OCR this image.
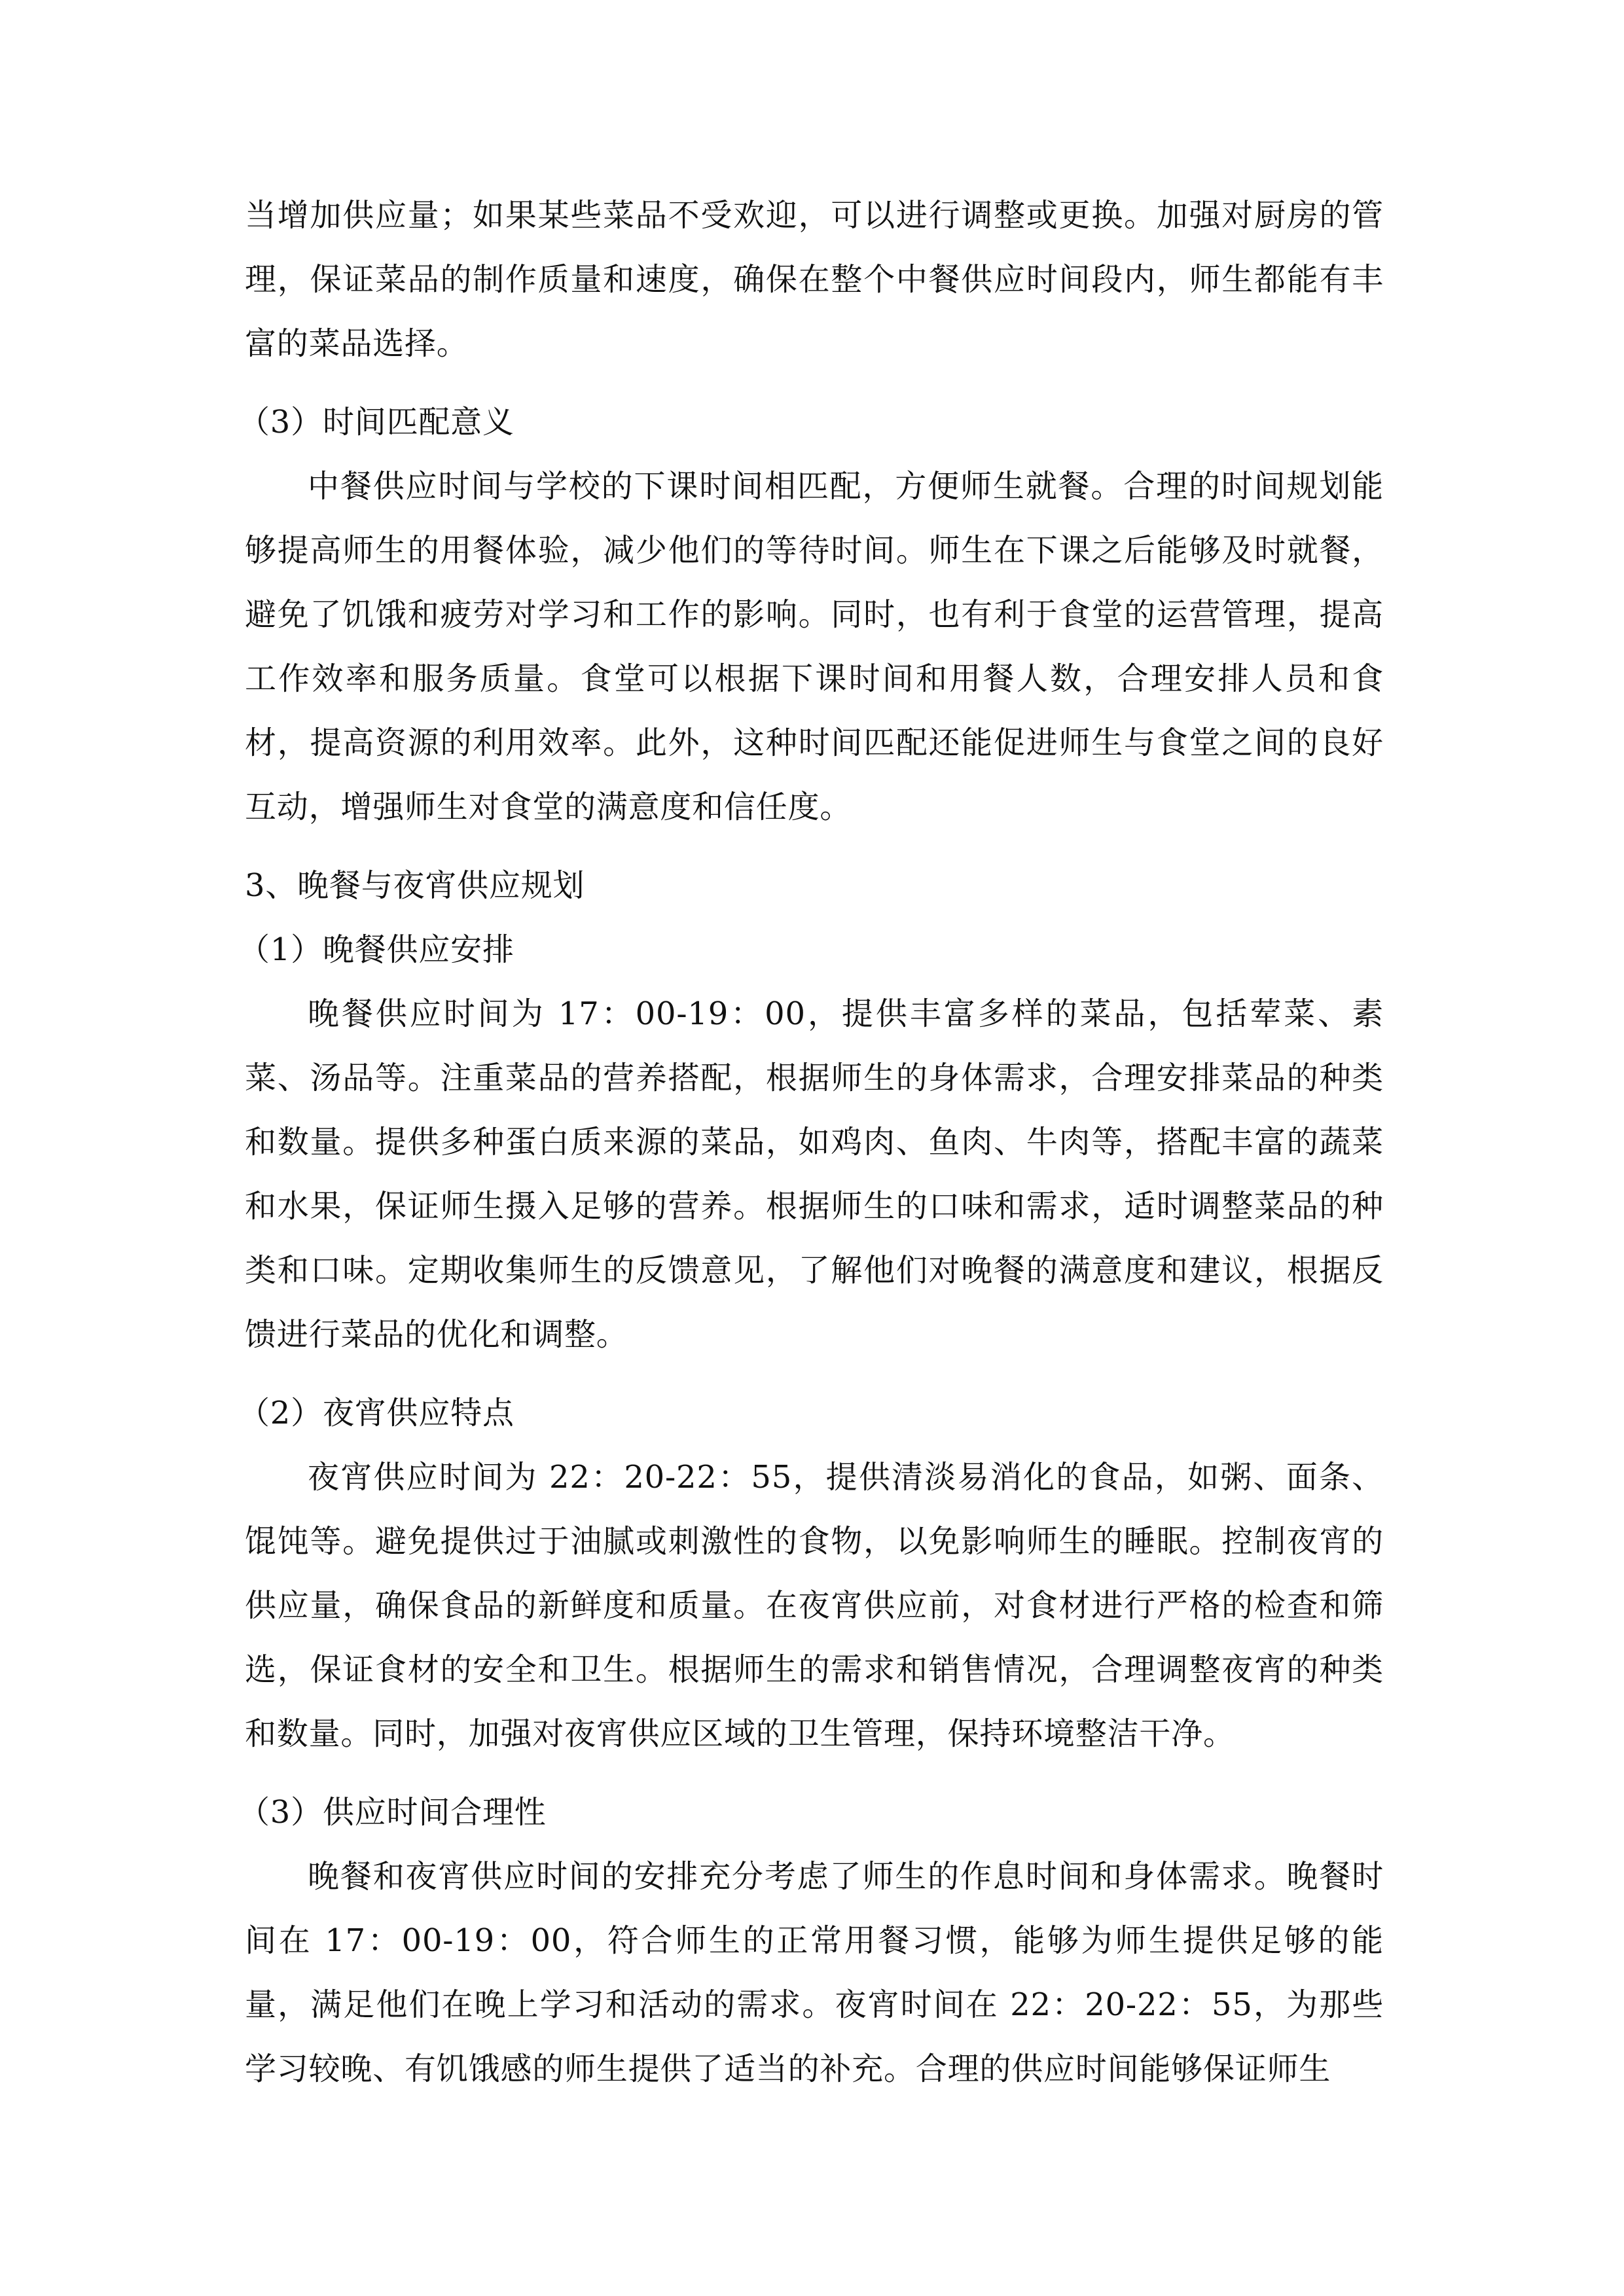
当增加供应量；如果某些菜品不受欢迎，可以进行调整或更换。加强对厨房的管理，保证菜品的制作质量和速度，确保在整个中餐供应时间段内，师生都能有丰富的菜品选择。

（3）时间匹配意义

中餐供应时间与学校的下课时间相匹配，方便师生就餐。合理的时间规划能够提高师生的用餐体验，减少他们的等待时间。师生在下课之后能够及时就餐，避免了饥饿和疲劳对学习和工作的影响。同时，也有利于食堂的运营管理，提高工作效率和服务质量。食堂可以根据下课时间和用餐人数，合理安排人员和食材，提高资源的利用效率。此外，这种时间匹配还能促进师生与食堂之间的良好互动，增强师生对食堂的满意度和信任度。

3、晚餐与夜宵供应规划

（1）晚餐供应安排

晚餐供应时间为 17：00-19：00，提供丰富多样的菜品，包括荤菜、素菜、汤品等。注重菜品的营养搭配，根据师生的身体需求，合理安排菜品的种类和数量。提供多种蛋白质来源的菜品，如鸡肉、鱼肉、牛肉等，搭配丰富的蔬菜和水果，保证师生摄入足够的营养。根据师生的口味和需求，适时调整菜品的种类和口味。定期收集师生的反馈意见，了解他们对晚餐的满意度和建议，根据反馈进行菜品的优化和调整。

（2）夜宵供应特点

夜宵供应时间为 22：20-22：55，提供清淡易消化的食品，如粥、面条、馄饨等。避免提供过于油腻或刺激性的食物，以免影响师生的睡眠。控制夜宵的供应量，确保食品的新鲜度和质量。在夜宵供应前，对食材进行严格的检查和筛选，保证食材的安全和卫生。根据师生的需求和销售情况，合理调整夜宵的种类和数量。同时，加强对夜宵供应区域的卫生管理，保持环境整洁干净。

（3）供应时间合理性

晚餐和夜宵供应时间的安排充分考虑了师生的作息时间和身体需求。晚餐时间在 17：00-19：00，符合师生的正常用餐习惯，能够为师生提供足够的能量，满足他们在晚上学习和活动的需求。夜宵时间在 22：20-22：55，为那些学习较晚、有饥饿感的师生提供了适当的补充。合理的供应时间能够保证师生
